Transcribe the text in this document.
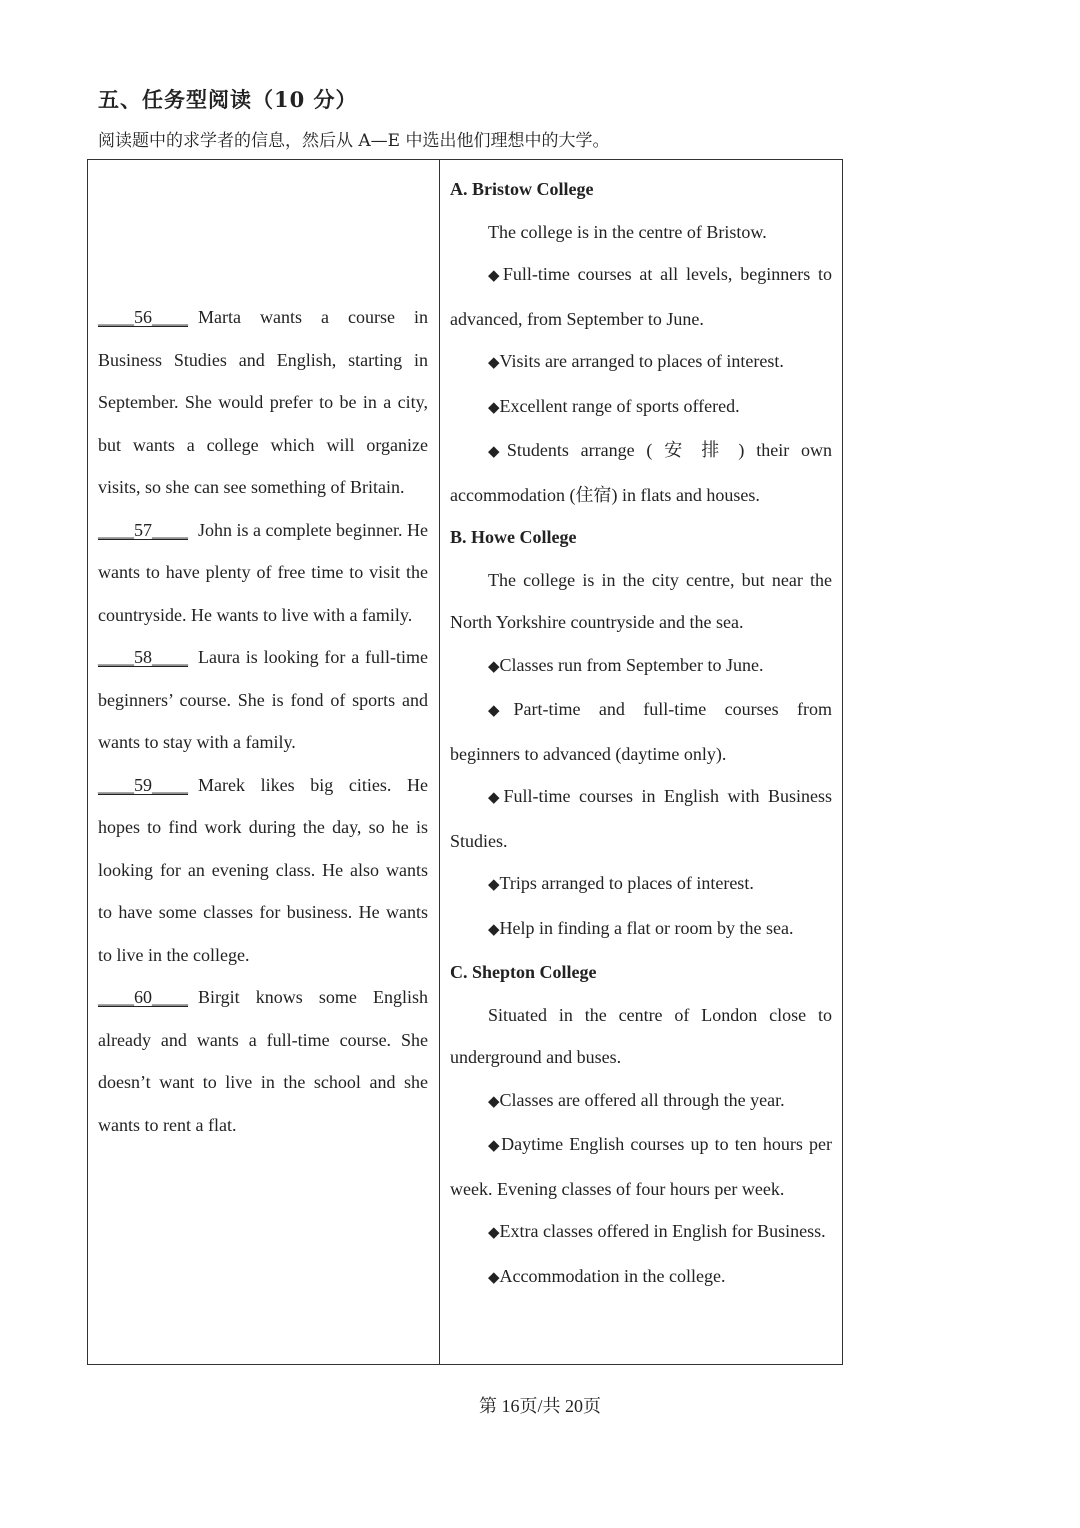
五、任务型阅读（10 分）
阅读题中的求学者的信息，然后从 A—E 中选出他们理想中的大学。

____56____ Marta wants a course in Business Studies and English, starting in September. She would prefer to be in a city, but wants a college which will organize visits, so she can see something of Britain.

____57____ John is a complete beginner. He wants to have plenty of free time to visit the countryside. He wants to live with a family.

____58____ Laura is looking for a full-time beginners’ course. She is fond of sports and wants to stay with a family.

____59____ Marek likes big cities. He hopes to find work during the day, so he is looking for an evening class. He also wants to have some classes for business. He wants to live in the college.

____60____ Birgit knows some English already and wants a full-time course. She doesn’t want to live in the school and she wants to rent a flat.

A. Bristow College

The college is in the centre of Bristow.

◆Full-time courses at all levels, beginners to advanced, from September to June.

◆Visits are arranged to places of interest.

◆Excellent range of sports offered.

◆Students arrange ( 安 排 ) their own accommodation (住宿) in flats and houses.

B. Howe College

The college is in the city centre, but near the North Yorkshire countryside and the sea.

◆Classes run from September to June.

◆Part-time and full-time courses from beginners to advanced (daytime only).

◆Full-time courses in English with Business Studies.

◆Trips arranged to places of interest.

◆Help in finding a flat or room by the sea.

C. Shepton College

Situated in the centre of London close to underground and buses.

◆Classes are offered all through the year.

◆Daytime English courses up to ten hours per week. Evening classes of four hours per week.

◆Extra classes offered in English for Business.

◆Accommodation in the college.

第 16页/共 20页
